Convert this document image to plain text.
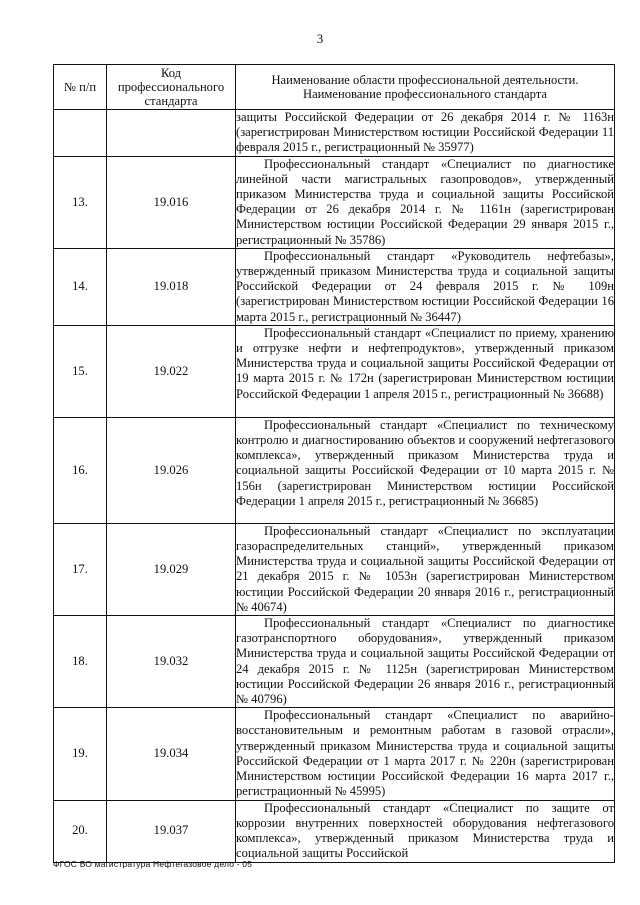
3
№ п/п	Код профессионального стандарта	Наименование области профессиональной деятельности. Наименование профессионального стандарта

		защиты Российской Федерации от 26 декабря 2014 г. № 1163н (зарегистрирован Министерством юстиции Российской Федерации 11 февраля 2015 г., регистрационный № 35977)

13.	19.016	Профессиональный стандарт «Специалист по диагностике линейной части магистральных газопроводов», утвержденный приказом Министерства труда и социальной защиты Российской Федерации от 26 декабря 2014 г. № 1161н (зарегистрирован Министерством юстиции Российской Федерации 29 января 2015 г., регистрационный № 35786)

14.	19.018	Профессиональный стандарт «Руководитель нефтебазы», утвержденный приказом Министерства труда и социальной защиты Российской Федерации от 24 февраля 2015 г. № 109н (зарегистрирован Министерством юстиции Российской Федерации 16 марта 2015 г., регистрационный № 36447)

15.	19.022	Профессиональный стандарт «Специалист по приему, хранению и отгрузке нефти и нефтепродуктов», утвержденный приказом Министерства труда и социальной защиты Российской Федерации от 19 марта 2015 г. № 172н (зарегистрирован Министерством юстиции Российской Федерации 1 апреля 2015 г., регистрационный № 36688)

16.	19.026	Профессиональный стандарт «Специалист по техническому контролю и диагностированию объектов и сооружений нефтегазового комплекса», утвержденный приказом Министерства труда и социальной защиты Российской Федерации от 10 марта 2015 г. № 156н (зарегистрирован Министерством юстиции Российской Федерации 1 апреля 2015 г., регистрационный № 36685)

17.	19.029	Профессиональный стандарт «Специалист по эксплуатации газораспределительных станций», утвержденный приказом Министерства труда и социальной защиты Российской Федерации от 21 декабря 2015 г. № 1053н (зарегистрирован Министерством юстиции Российской Федерации 20 января 2016 г., регистрационный № 40674)

18.	19.032	Профессиональный стандарт «Специалист по диагностике газотранспортного оборудования», утвержденный приказом Министерства труда и социальной защиты Российской Федерации от 24 декабря 2015 г. № 1125н (зарегистрирован Министерством юстиции Российской Федерации 26 января 2016 г., регистрационный № 40796)

19.	19.034	Профессиональный стандарт «Специалист по аварийно-восстановительным и ремонтным работам в газовой отрасли», утвержденный приказом Министерства труда и социальной защиты Российской Федерации от 1 марта 2017 г. № 220н (зарегистрирован Министерством юстиции Российской Федерации 16 марта 2017 г., регистрационный № 45995)

20.	19.037	Профессиональный стандарт «Специалист по защите от коррозии внутренних поверхностей оборудования нефтегазового комплекса», утвержденный приказом Министерства труда и социальной защиты Российской
ФГОС ВО магистратура Нефтегазовое дело - 05
